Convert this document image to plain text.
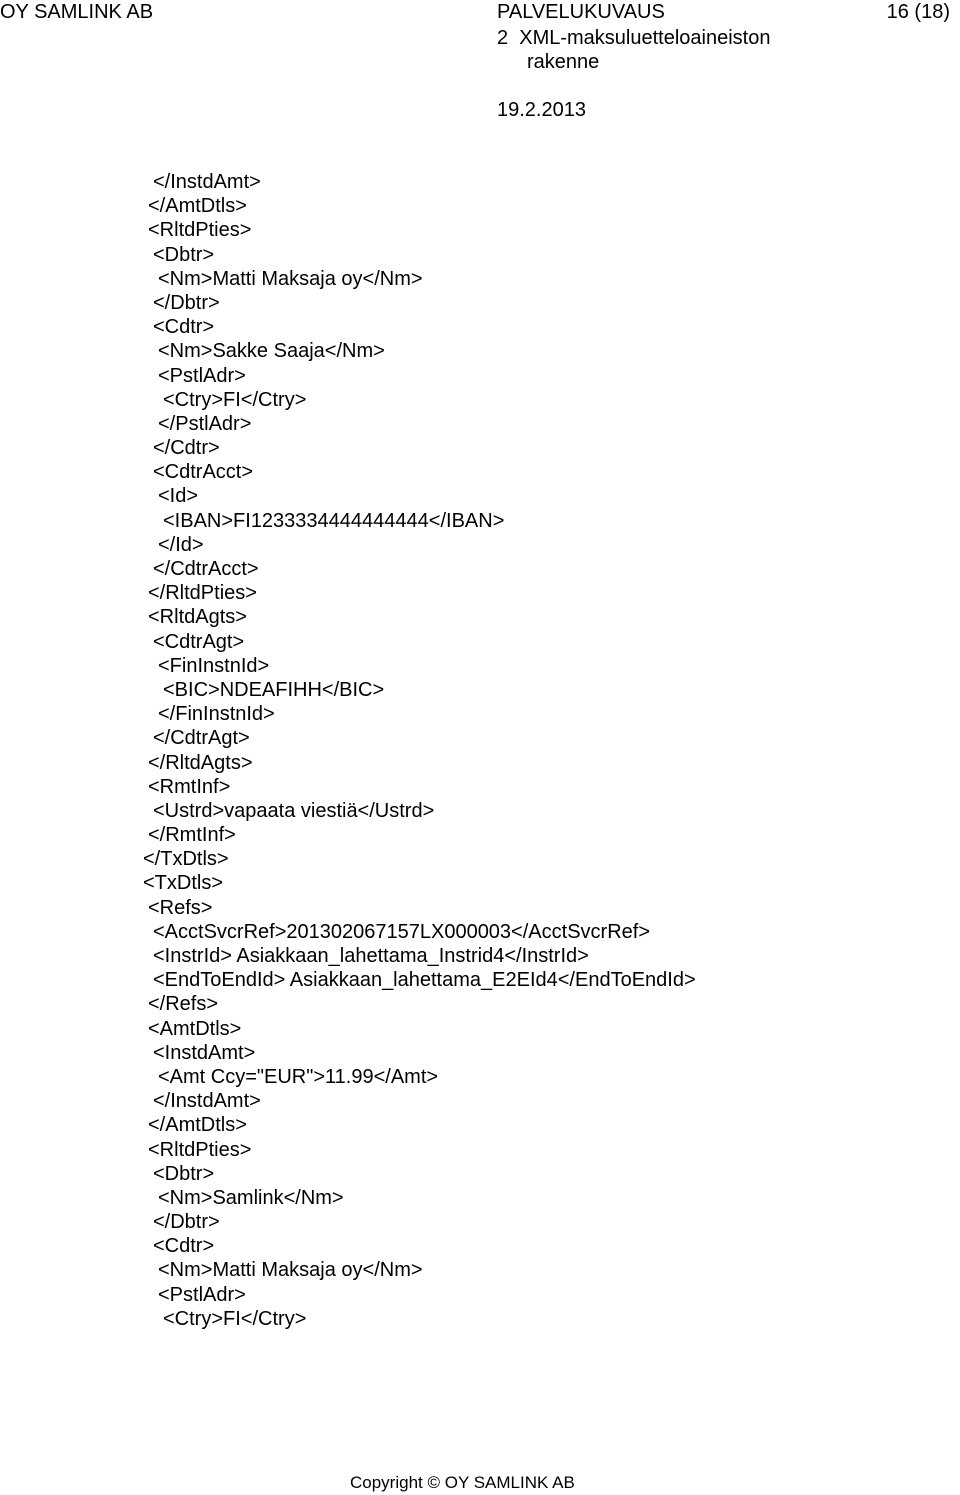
OY SAMLINK AB	PALVELUKUVAUS	16 (18)
2  XML-maksuluetteloaineiston
rakenne
19.2.2013
</InstdAmt>
</AmtDtls>
<RltdPties>
<Dbtr>
<Nm>Matti Maksaja oy</Nm>
</Dbtr>
<Cdtr>
<Nm>Sakke Saaja</Nm>
<PstlAdr>
<Ctry>FI</Ctry>
</PstlAdr>
</Cdtr>
<CdtrAcct>
<Id>
<IBAN>FI1233334444444444</IBAN>
</Id>
</CdtrAcct>
</RltdPties>
<RltdAgts>
<CdtrAgt>
<FinInstnId>
<BIC>NDEAFIHH</BIC>
</FinInstnId>
</CdtrAgt>
</RltdAgts>
<RmtInf>
<Ustrd>vapaata viestiä</Ustrd>
</RmtInf>
</TxDtls>
<TxDtls>
<Refs>
<AcctSvcrRef>201302067157LX000003</AcctSvcrRef>
<InstrId> Asiakkaan_lahettama_Instrid4</InstrId>
<EndToEndId> Asiakkaan_lahettama_E2EId4</EndToEndId>
</Refs>
<AmtDtls>
<InstdAmt>
<Amt Ccy="EUR">11.99</Amt>
</InstdAmt>
</AmtDtls>
<RltdPties>
<Dbtr>
<Nm>Samlink</Nm>
</Dbtr>
<Cdtr>
<Nm>Matti Maksaja oy</Nm>
<PstlAdr>
<Ctry>FI</Ctry>
Copyright © OY SAMLINK AB
